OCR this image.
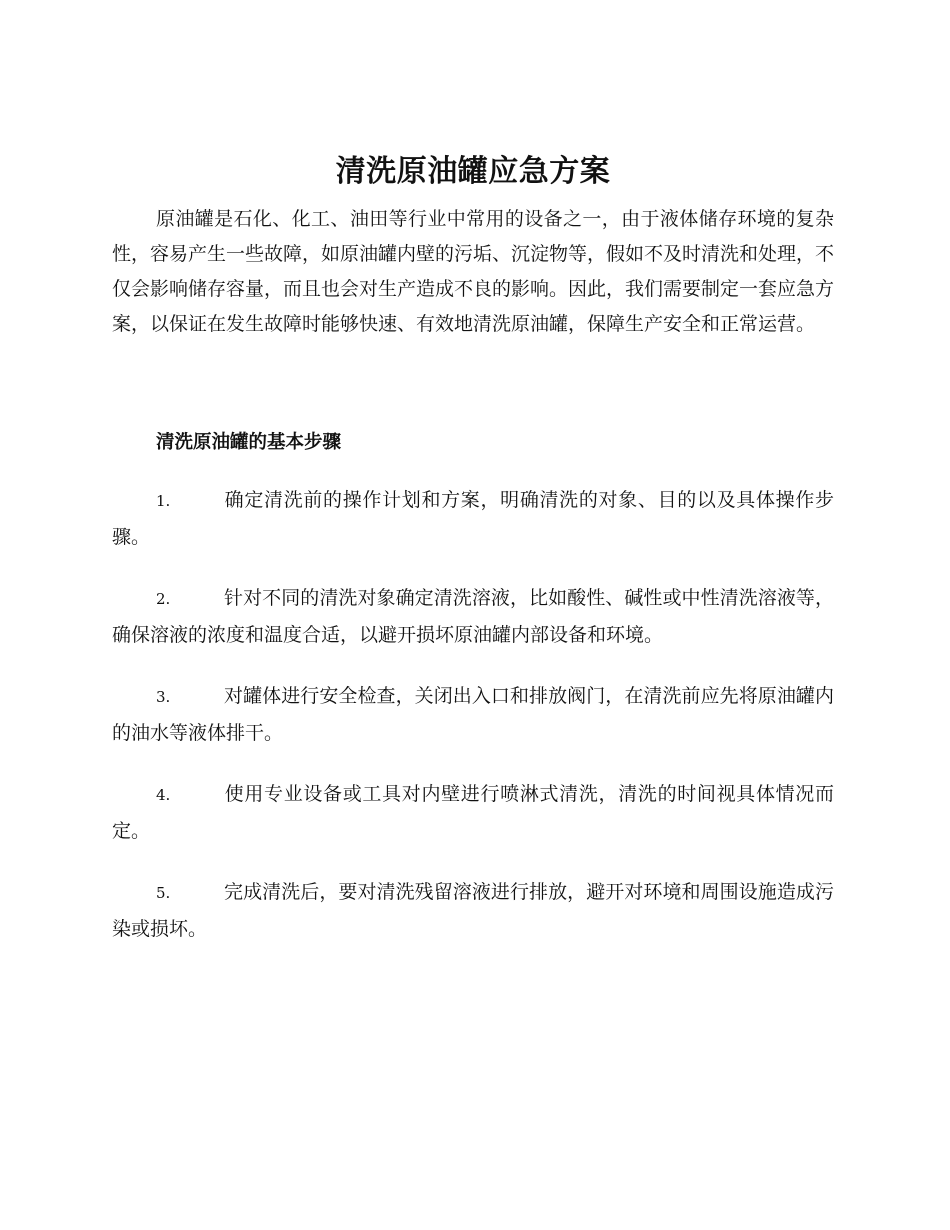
清洗原油罐应急方案

原油罐是石化、化工、油田等行业中常用的设备之一，由于液体储存环境的复杂性，容易产生一些故障，如原油罐内壁的污垢、沉淀物等，假如不及时清洗和处理，不仅会影响储存容量，而且也会对生产造成不良的影响。因此，我们需要制定一套应急方案，以保证在发生故障时能够快速、有效地清洗原油罐，保障生产安全和正常运营。

清洗原油罐的基本步骤
1.	确定清洗前的操作计划和方案，明确清洗的对象、目的以及具体操作步骤。
2.	针对不同的清洗对象确定清洗溶液，比如酸性、碱性或中性清洗溶液等，确保溶液的浓度和温度合适，以避开损坏原油罐内部设备和环境。
3.	对罐体进行安全检查，关闭出入口和排放阀门，在清洗前应先将原油罐内的油水等液体排干。
4.	使用专业设备或工具对内壁进行喷淋式清洗，清洗的时间视具体情况而定。
5.	完成清洗后，要对清洗残留溶液进行排放，避开对环境和周围设施造成污染或损坏。
